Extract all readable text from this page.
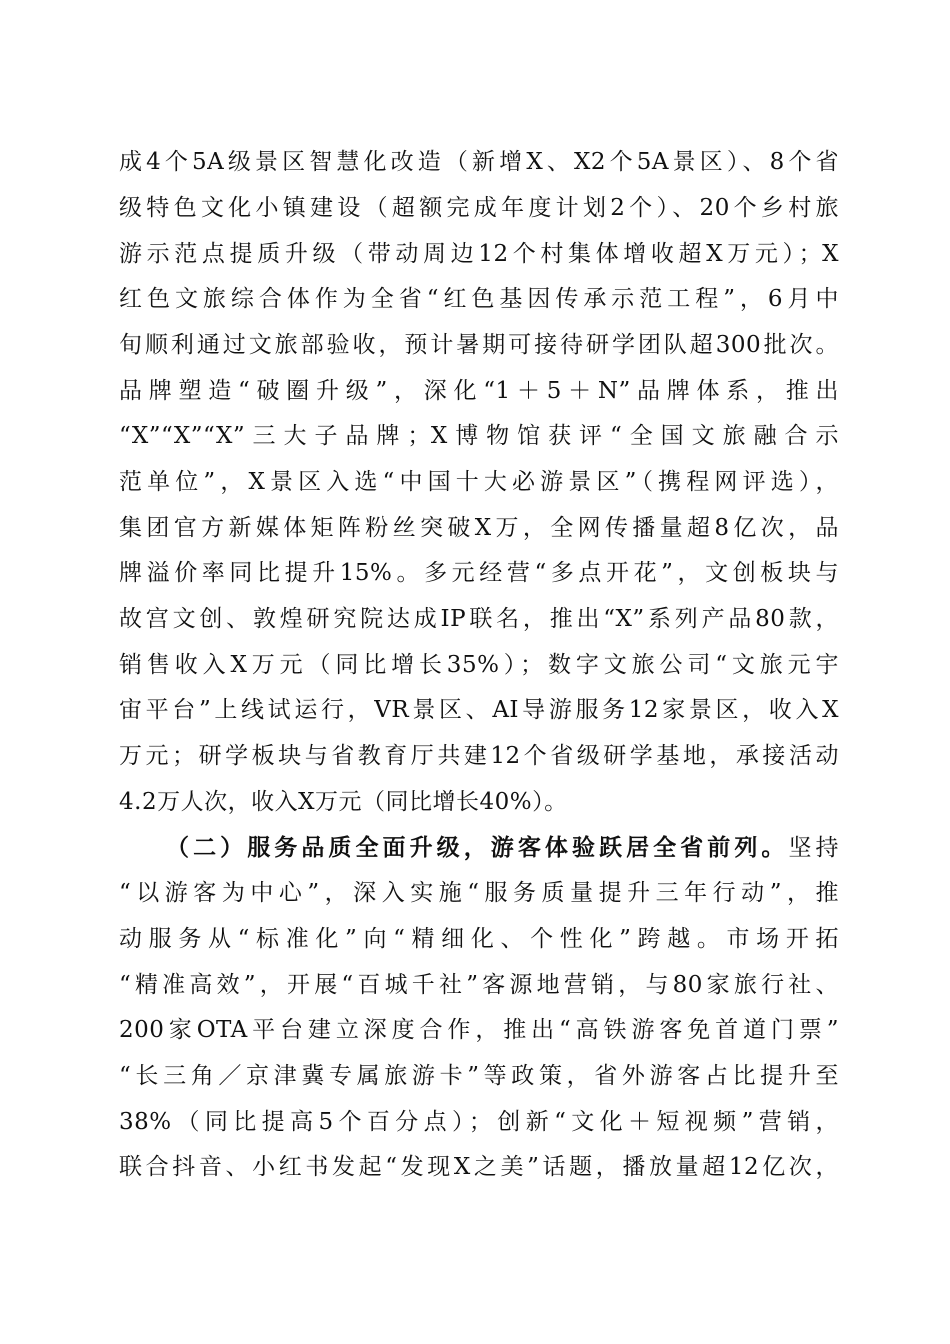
成4个5A级景区智慧化改造（新增X、X2个5A景区）、8个省
级特色文化小镇建设（超额完成年度计划2个）、20个乡村旅
游示范点提质升级（带动周边12个村集体增收超X万元）；X
红色文旅综合体作为全省“红色基因传承示范工程”，6月中
旬顺利通过文旅部验收，预计暑期可接待研学团队超300批次。
品牌塑造“破圈升级”，深化“1＋5＋N”品牌体系，推出
“X”“X”“X”三大子品牌；X博物馆获评“全国文旅融合示
范单位”，X景区入选“中国十大必游景区”（携程网评选），
集团官方新媒体矩阵粉丝突破X万，全网传播量超8亿次，品
牌溢价率同比提升15%。多元经营“多点开花”，文创板块与
故宫文创、敦煌研究院达成IP联名，推出“X”系列产品80款，
销售收入X万元（同比增长35%）；数字文旅公司“文旅元宇
宙平台”上线试运行，VR景区、AI导游服务12家景区，收入X
万元；研学板块与省教育厅共建12个省级研学基地，承接活动
4.2万人次，收入X万元（同比增长40%）。
（二）服务品质全面升级，游客体验跃居全省前列。坚持
“以游客为中心”，深入实施“服务质量提升三年行动”，推
动服务从“标准化”向“精细化、个性化”跨越。市场开拓
“精准高效”，开展“百城千社”客源地营销，与80家旅行社、
200家OTA平台建立深度合作，推出“高铁游客免首道门票”
“长三角／京津冀专属旅游卡”等政策，省外游客占比提升至
38%（同比提高5个百分点）；创新“文化＋短视频”营销，
联合抖音、小红书发起“发现X之美”话题，播放量超12亿次，
